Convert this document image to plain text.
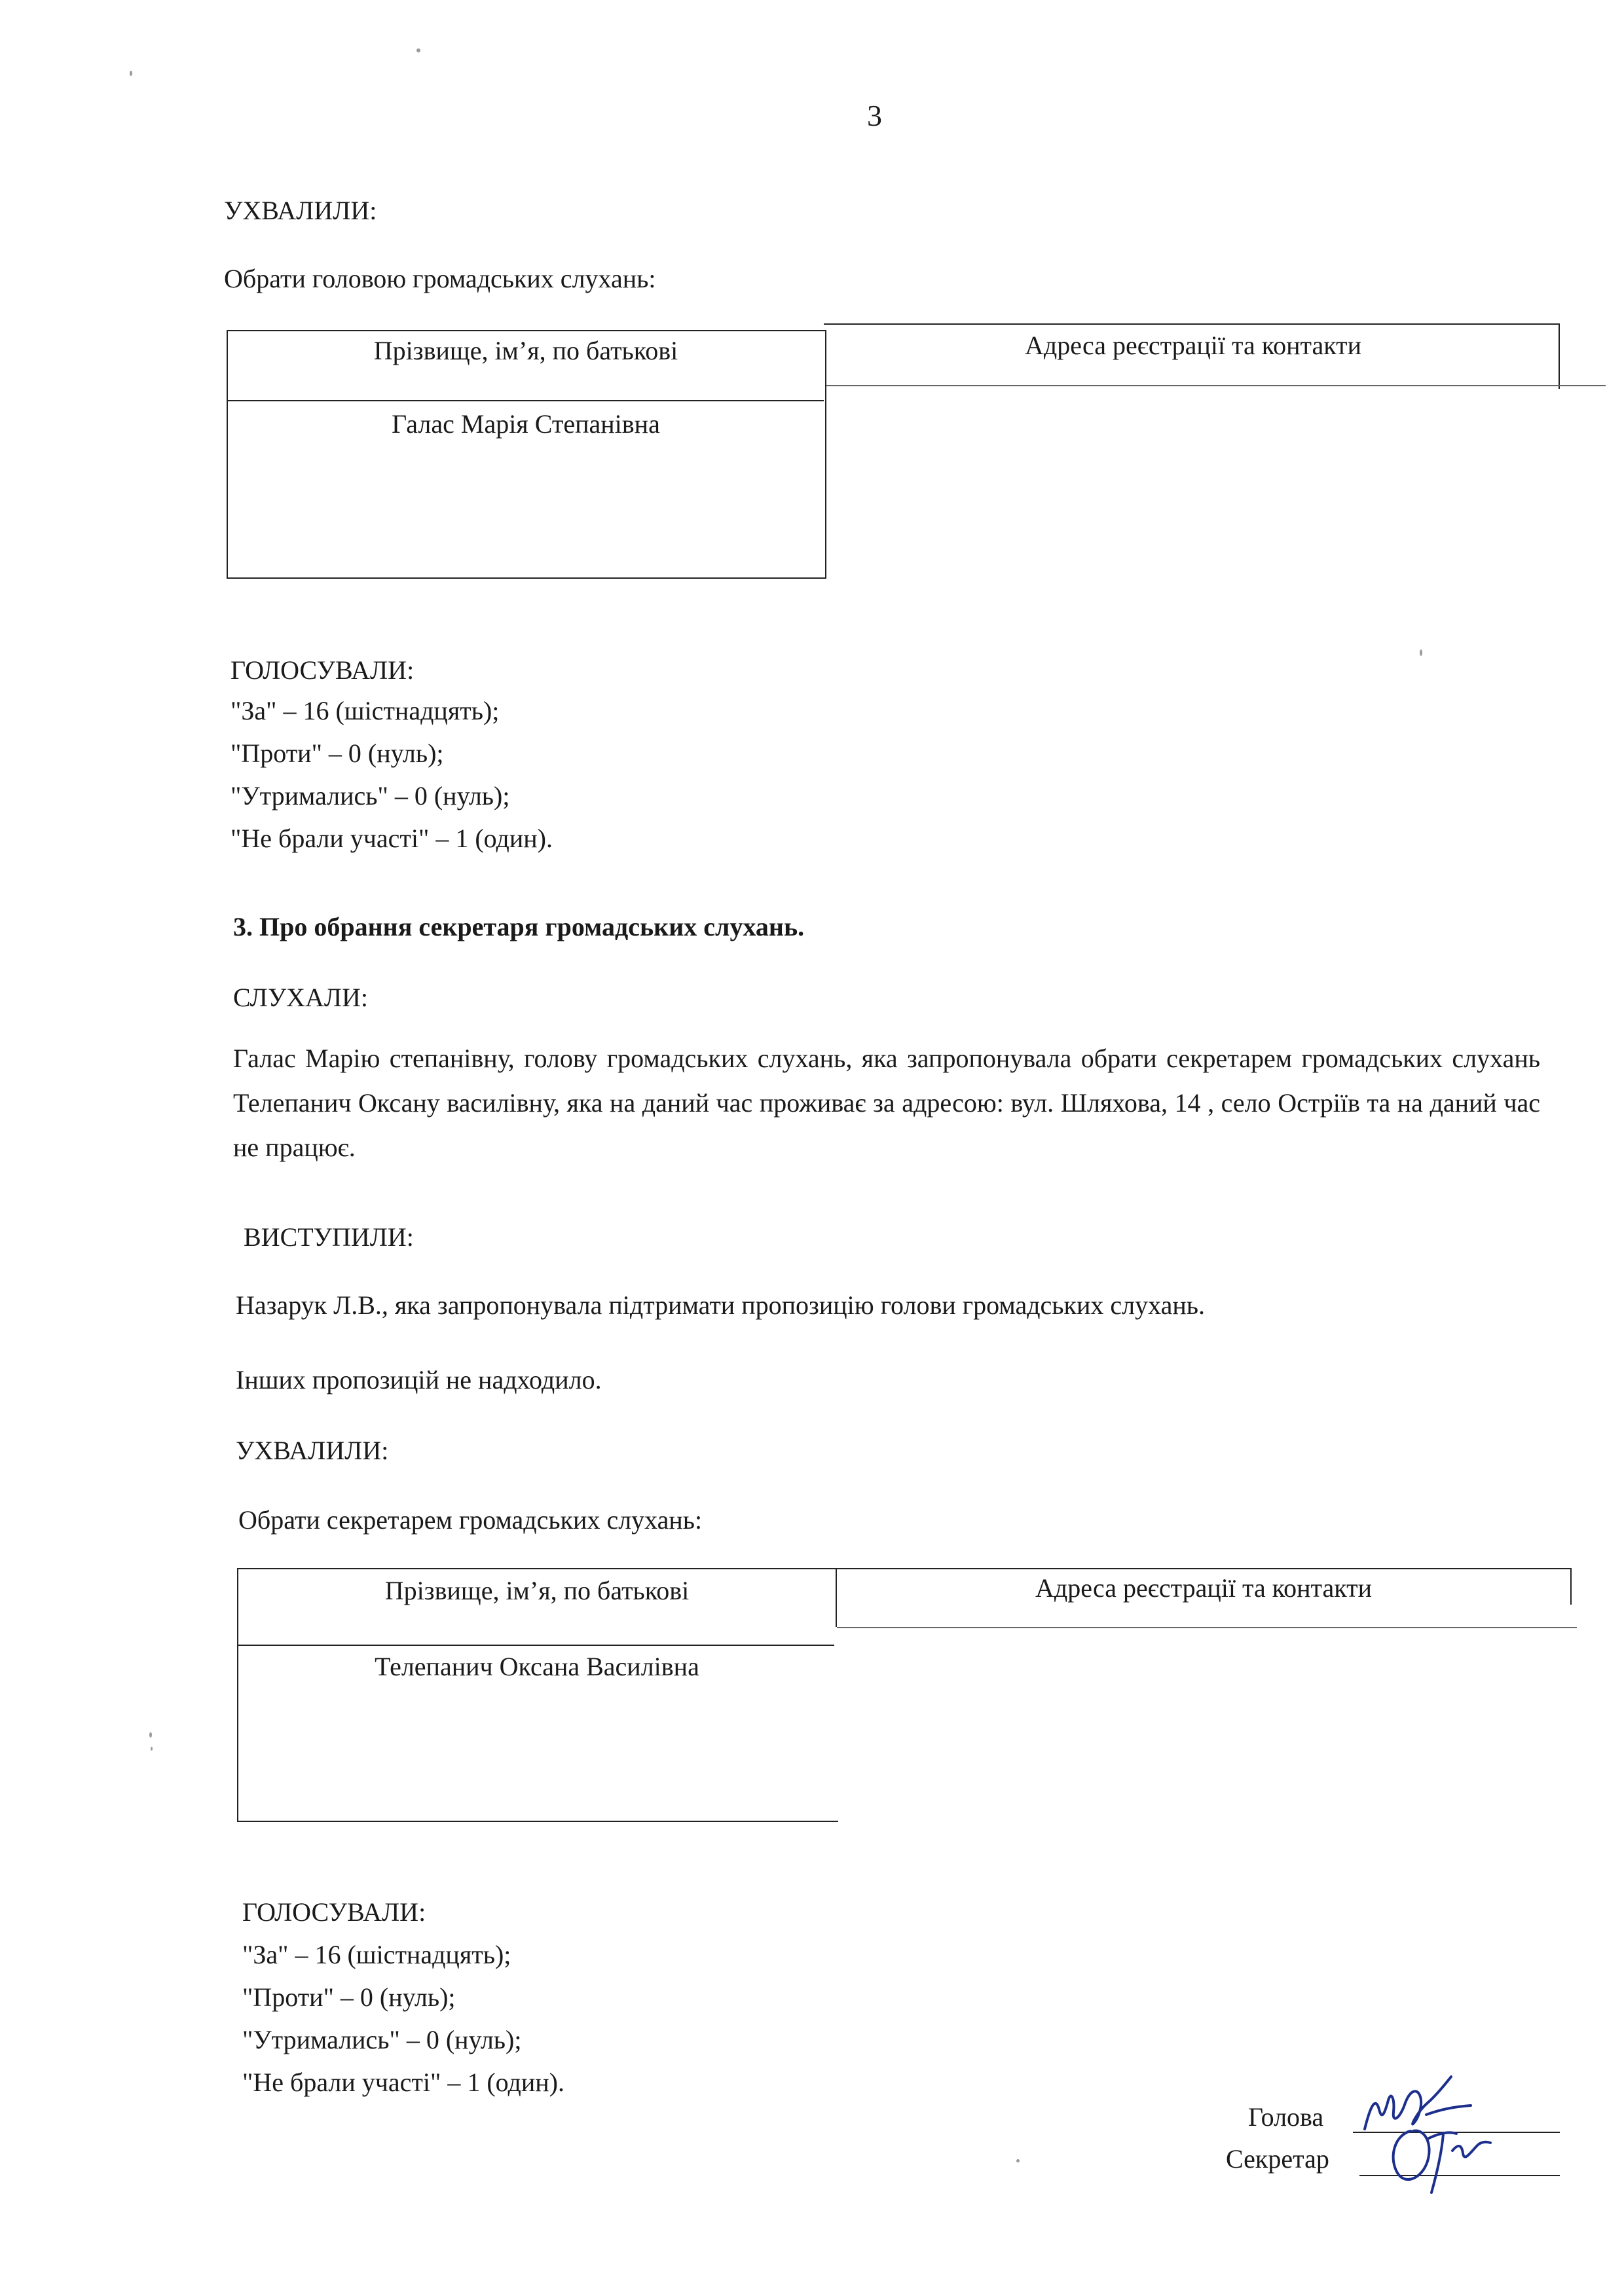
3
УХВАЛИЛИ:
Обрати головою громадських слухань:
Прізвище, ім’я, по батькові	Адреса реєстрації та контакти
Галас Марія Степанівна
ГОЛОСУВАЛИ:
"За" – 16 (шістнадцять);
"Проти" – 0 (нуль);
"Утримались" – 0 (нуль);
"Не брали участі" – 1 (один).
3. Про обрання секретаря громадських слухань.
СЛУХАЛИ:
Галас Марію степанівну, голову громадських слухань, яка запропонувала обрати секретарем громадських слухань Телепанич Оксану василівну, яка на даний час проживає за адресою: вул. Шляхова, 14 , село Остріїв та на даний час не працює.
ВИСТУПИЛИ:
Назарук Л.В., яка запропонувала підтримати пропозицію голови громадських слухань.
Інших пропозицій не надходило.
УХВАЛИЛИ:
Обрати секретарем громадських слухань:
Прізвище, ім’я, по батькові	Адреса реєстрації та контакти
Телепанич Оксана Василівна
ГОЛОСУВАЛИ:
"За" – 16 (шістнадцять);
"Проти" – 0 (нуль);
"Утримались" – 0 (нуль);
"Не брали участі" – 1 (один).
Голова
Секретар
